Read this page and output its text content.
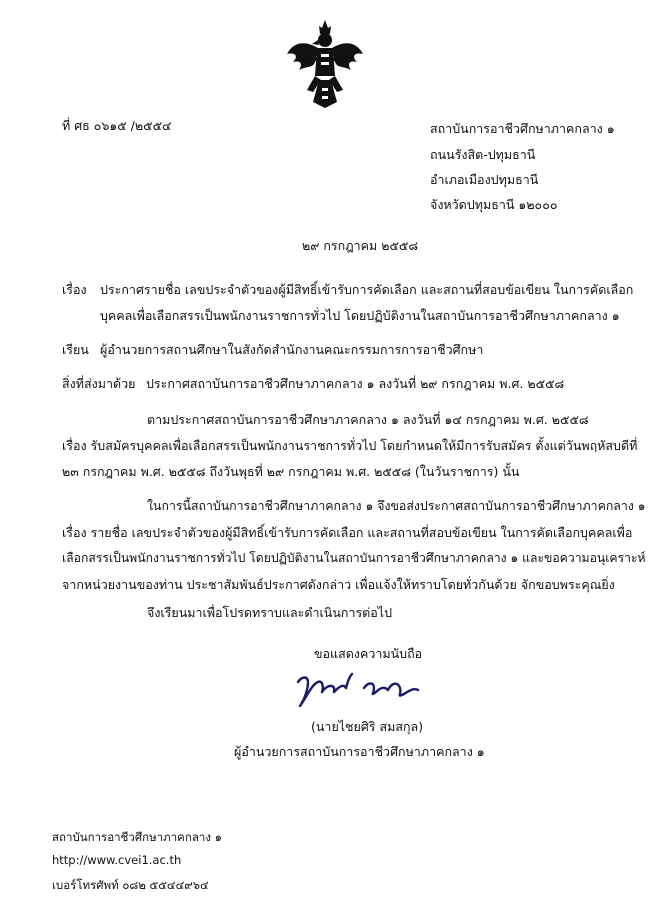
ที่ ศธ ๐๖๑๕ /๒๕๕๔	สถาบันการอาชีวศึกษาภาคกลาง ๑
ถนนรังสิต-ปทุมธานี
อำเภอเมืองปทุมธานี
จังหวัดปทุมธานี ๑๒๐๐๐
๒๙ กรกฎาคม ๒๕๕๘
เรื่อง ประกาศรายชื่อ เลขประจำตัวของผู้มีสิทธิ์เข้ารับการคัดเลือก และสถานที่สอบข้อเขียน ในการคัดเลือก
บุคคลเพื่อเลือกสรรเป็นพนักงานราชการทั่วไป โดยปฏิบัติงานในสถาบันการอาชีวศึกษาภาคกลาง ๑
เรียน ผู้อำนวยการสถานศึกษาในสังกัดสำนักงานคณะกรรมการการอาชีวศึกษา
สิ่งที่ส่งมาด้วย ประกาศสถาบันการอาชีวศึกษาภาคกลาง ๑ ลงวันที่ ๒๙ กรกฎาคม พ.ศ. ๒๕๕๘
ตามประกาศสถาบันการอาชีวศึกษาภาคกลาง ๑ ลงวันที่ ๑๔ กรกฎาคม พ.ศ. ๒๕๕๘
เรื่อง รับสมัครบุคคลเพื่อเลือกสรรเป็นพนักงานราชการทั่วไป โดยกำหนดให้มีการรับสมัคร ตั้งแต่วันพฤหัสบดีที่
๒๓ กรกฎาคม พ.ศ. ๒๕๕๘ ถึงวันพุธที่ ๒๙ กรกฎาคม พ.ศ. ๒๕๕๘ (ในวันราชการ) นั้น
ในการนี้สถาบันการอาชีวศึกษาภาคกลาง ๑ จึงขอส่งประกาศสถาบันการอาชีวศึกษาภาคกลาง ๑
เรื่อง รายชื่อ เลขประจำตัวของผู้มีสิทธิ์เข้ารับการคัดเลือก และสถานที่สอบข้อเขียน ในการคัดเลือกบุคคลเพื่อ
เลือกสรรเป็นพนักงานราชการทั่วไป โดยปฏิบัติงานในสถาบันการอาชีวศึกษาภาคกลาง ๑ และขอความอนุเคราะห์
จากหน่วยงานของท่าน ประชาสัมพันธ์ประกาศดังกล่าว เพื่อแจ้งให้ทราบโดยทั่วกันด้วย จักขอบพระคุณยิ่ง
จึงเรียนมาเพื่อโปรดทราบและดำเนินการต่อไป
ขอแสดงความนับถือ
(นายไชยศิริ สมสกุล)
ผู้อำนวยการสถาบันการอาชีวศึกษาภาคกลาง ๑
สถาบันการอาชีวศึกษาภาคกลาง ๑
http://www.cvei1.ac.th
เบอร์โทรศัพท์ ๐๘๒ ๕๕๔๔๙๖๔
